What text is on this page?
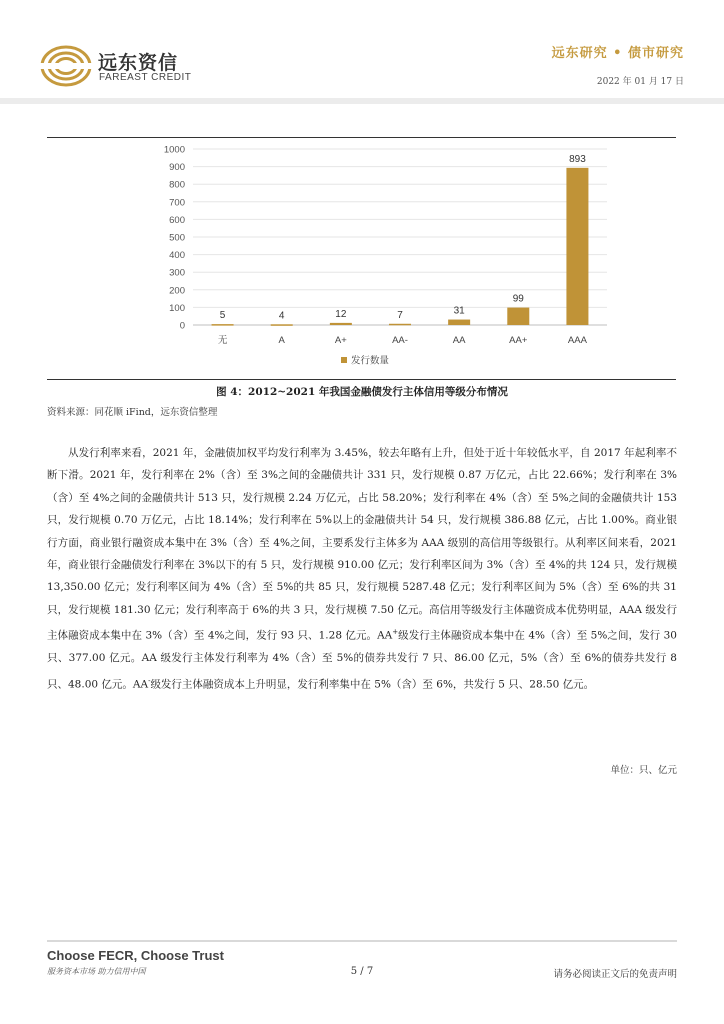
远东资信
FAREAST CREDIT
远东研究 • 债市研究
2022 年 01 月 17 日
0
100
200
300
400
500
600
700
800
900
1000
5
无
4
A
12
A+
7
AA-
31
AA
99
AA+
893
AAA
发行数量
图 4：2012~2021 年我国金融债发行主体信用等级分布情况
资料来源：同花顺 iFind，远东资信整理

从发行利率来看，2021 年，金融债加权平均发行利率为 3.45%，较去年略有上升，但处于近十年较低水平，自 2017 年起利率不断下滑。2021 年，发行利率在 2%（含）至 3%之间的金融债共计 331 只，发行规模 0.87 万亿元，占比 22.66%；发行利率在 3%（含）至 4%之间的金融债共计 513 只，发行规模 2.24 万亿元，占比 58.20%；发行利率在 4%（含）至 5%之间的金融债共计 153 只，发行规模 0.70 万亿元，占比 18.14%；发行利率在 5%以上的金融债共计 54 只，发行规模 386.88 亿元，占比 1.00%。商业银行方面，商业银行融资成本集中在 3%（含）至 4%之间，主要系发行主体多为 AAA 级别的高信用等级银行。从利率区间来看，2021 年，商业银行金融债发行利率在 3%以下的有 5 只，发行规模 910.00 亿元；发行利率区间为 3%（含）至 4%的共 124 只，发行规模 13,350.00 亿元；发行利率区间为 4%（含）至 5%的共 85 只，发行规模 5287.48 亿元；发行利率区间为 5%（含）至 6%的共 31 只，发行规模 181.30 亿元；发行利率高于 6%的共 3 只，发行规模 7.50 亿元。高信用等级发行主体融资成本优势明显，AAA 级发行主体融资成本集中在 3%（含）至 4%之间，发行 93 只、1.28 亿元。AA+级发行主体融资成本集中在 4%（含）至 5%之间，发行 30 只、377.00 亿元。AA 级发行主体发行利率为 4%（含）至 5%的债券共发行 7 只、86.00 亿元，5%（含）至 6%的债券共发行 8 只、48.00 亿元。AA-级发行主体融资成本上升明显，发行利率集中在 5%（含）至 6%，共发行 5 只、28.50 亿元。

单位：只、亿元
Choose FECR, Choose Trust
服务资本市场 助力信用中国	5 / 7	请务必阅读正文后的免责声明
